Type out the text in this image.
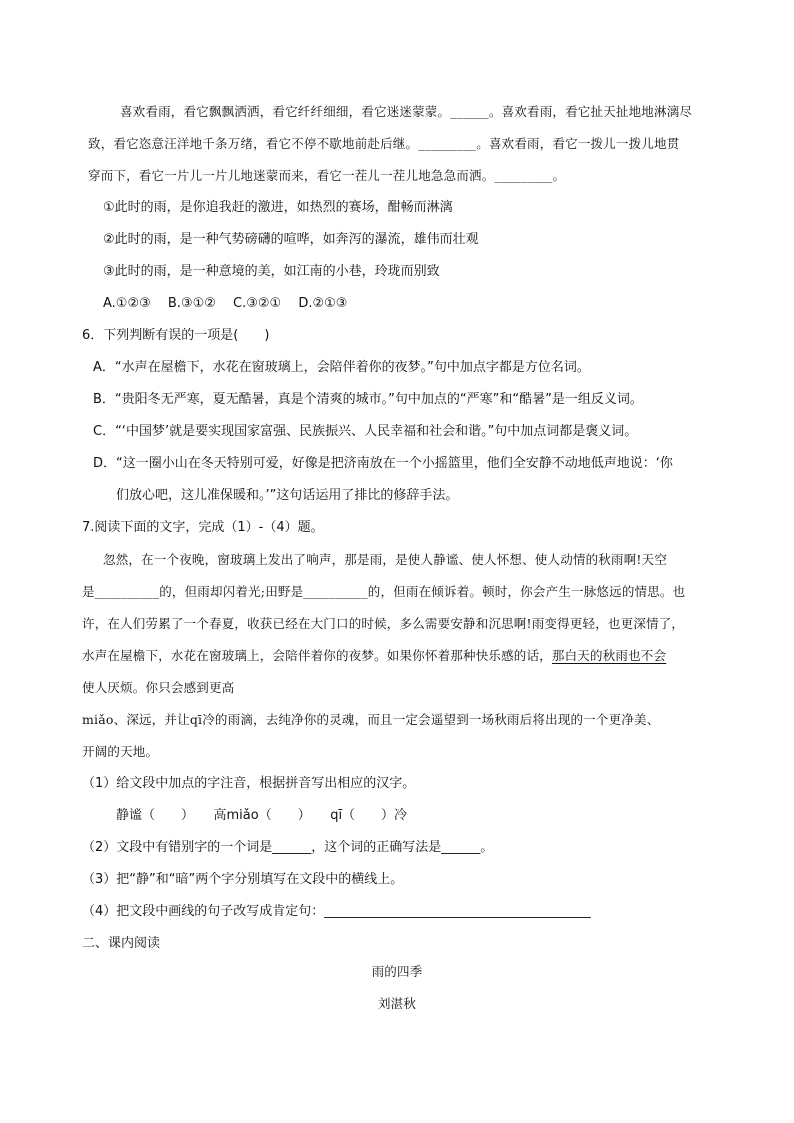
喜欢看雨，看它飘飘洒洒，看它纤纤细细，看它迷迷蒙蒙。______。喜欢看雨，看它扯天扯地地淋漓尽
致，看它恣意汪洋地千条万绪，看它不停不歇地前赴后继。_________。喜欢看雨，看它一拨儿一拨儿地贯
穿而下，看它一片儿一片儿地迷蒙而来，看它一茬儿一茬儿地急急而洒。_________。
①此时的雨，是你追我赶的激进，如热烈的赛场，酣畅而淋漓
②此时的雨，是一种气势磅礴的喧哗，如奔泻的瀑流，雄伟而壮观
③此时的雨，是一种意境的美，如江南的小巷，玲珑而别致
A.①②③　 B.③①②　 C.③②①　 D.②①③
6．下列判断有误的一项是(　　)
A．“水声在屋檐下，水花在窗玻璃上，会陪伴着你的夜梦。”句中加点字都是方位名词。
B．“贵阳冬无严寒，夏无酷暑，真是个清爽的城市。”句中加点的“严寒”和“酷暑”是一组反义词。
C．“‘中国梦’就是要实现国家富强、民族振兴、人民幸福和社会和谐。”句中加点词都是褒义词。
D．“这一圈小山在冬天特别可爱，好像是把济南放在一个小摇篮里，他们全安静不动地低声地说：‘你
们放心吧，这儿准保暖和。’”这句话运用了排比的修辞手法。
7.阅读下面的文字，完成（1）-（4）题。
忽然，在一个夜晚，窗玻璃上发出了响声，那是雨，是使人静谧、使人怀想、使人动情的秋雨啊!天空
是__________的，但雨却闪着光;田野是__________的，但雨在倾诉着。顿时，你会产生一脉悠远的情思。也
许，在人们劳累了一个春夏，收获已经在大门口的时候，多么需要安静和沉思啊!雨变得更轻，也更深情了，
使人厌烦。你只会感到更高
miǎo、深远，并让qī冷的雨滴，去纯净你的灵魂，而且一定会遥望到一场秋雨后将出现的一个更净美、
开阔的天地。
（1）给文段中加点的字注音，根据拼音写出相应的汉字。
静谧（　　）　　高miǎo（　　）　　qī（　　）冷
（2）文段中有错别字的一个词是______，这个词的正确写法是______。
（3）把“静”和“暗”两个字分别填写在文段中的横线上。
（4）把文段中画线的句子改写成肯定句：_________________________________________
二、课内阅读
水声在屋檐下，水花在窗玻璃上，会陪伴着你的夜梦。如果你怀着那种快乐感的话，那白天的秋雨也不会
雨的四季
刘湛秋
